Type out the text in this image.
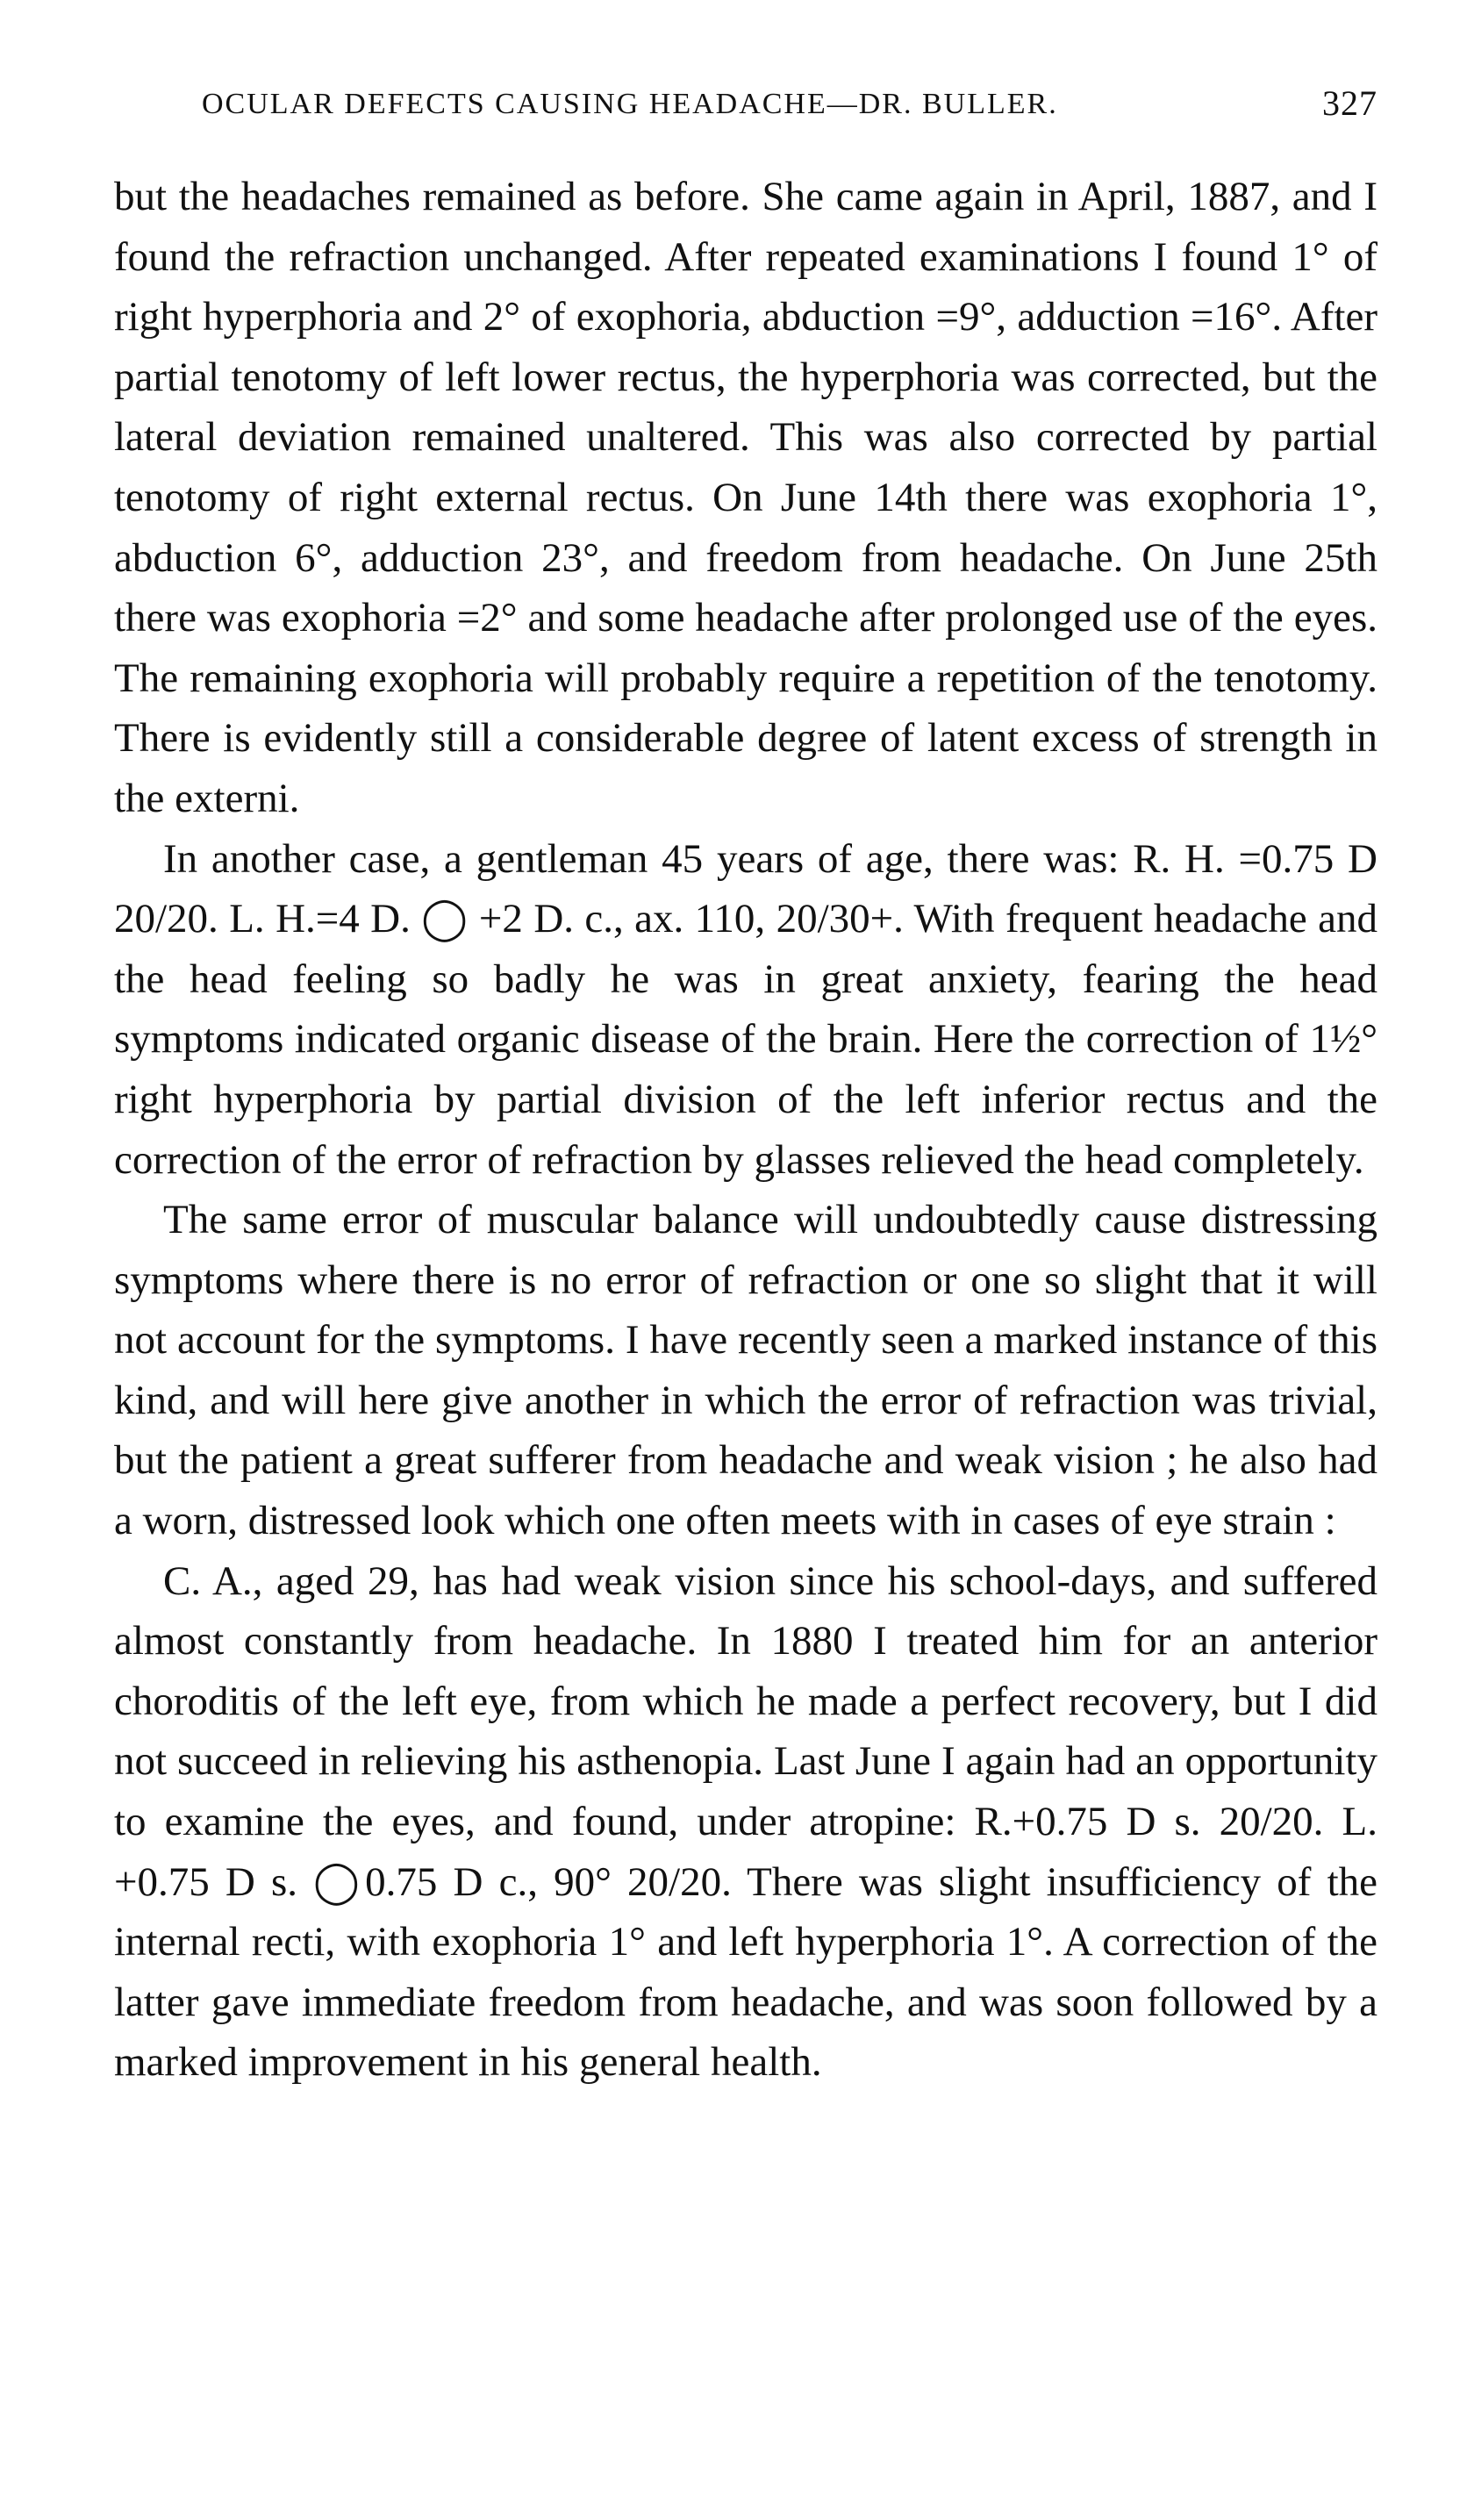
OCULAR DEFECTS CAUSING HEADACHE—DR. BULLER.	327

but the headaches remained as before. She came again in April, 1887, and I found the refraction unchanged. After repeated examinations I found 1° of right hyperphoria and 2° of exophoria, abduction =9°, adduction =16°. After partial tenotomy of left lower rectus, the hyperphoria was corrected, but the lateral deviation remained unaltered. This was also corrected by partial tenotomy of right external rectus. On June 14th there was exophoria 1°, abduction 6°, adduction 23°, and freedom from headache. On June 25th there was exophoria =2° and some headache after prolonged use of the eyes. The remaining exophoria will probably require a repetition of the tenotomy. There is evidently still a considerable degree of latent excess of strength in the externi.

In another case, a gentleman 45 years of age, there was: R. H. =0.75 D 20/20. L. H.=4 D. ◯ +2 D. c., ax. 110, 20/30+. With frequent headache and the head feeling so badly he was in great anxiety, fearing the head symptoms indicated organic disease of the brain. Here the correction of 1½° right hyperphoria by partial division of the left inferior rectus and the correction of the error of refraction by glasses relieved the head completely.

The same error of muscular balance will undoubtedly cause distressing symptoms where there is no error of refraction or one so slight that it will not account for the symptoms. I have recently seen a marked instance of this kind, and will here give another in which the error of refraction was trivial, but the patient a great sufferer from headache and weak vision ; he also had a worn, distressed look which one often meets with in cases of eye strain :

C. A., aged 29, has had weak vision since his school-days, and suffered almost constantly from headache. In 1880 I treated him for an anterior choroditis of the left eye, from which he made a perfect recovery, but I did not succeed in relieving his asthenopia. Last June I again had an opportunity to examine the eyes, and found, under atropine: R.+0.75 D s. 20/20. L. +0.75 D s. ◯0.75 D c., 90° 20/20. There was slight insufficiency of the internal recti, with exophoria 1° and left hyperphoria 1°. A correction of the latter gave immediate freedom from headache, and was soon followed by a marked improvement in his general health.
